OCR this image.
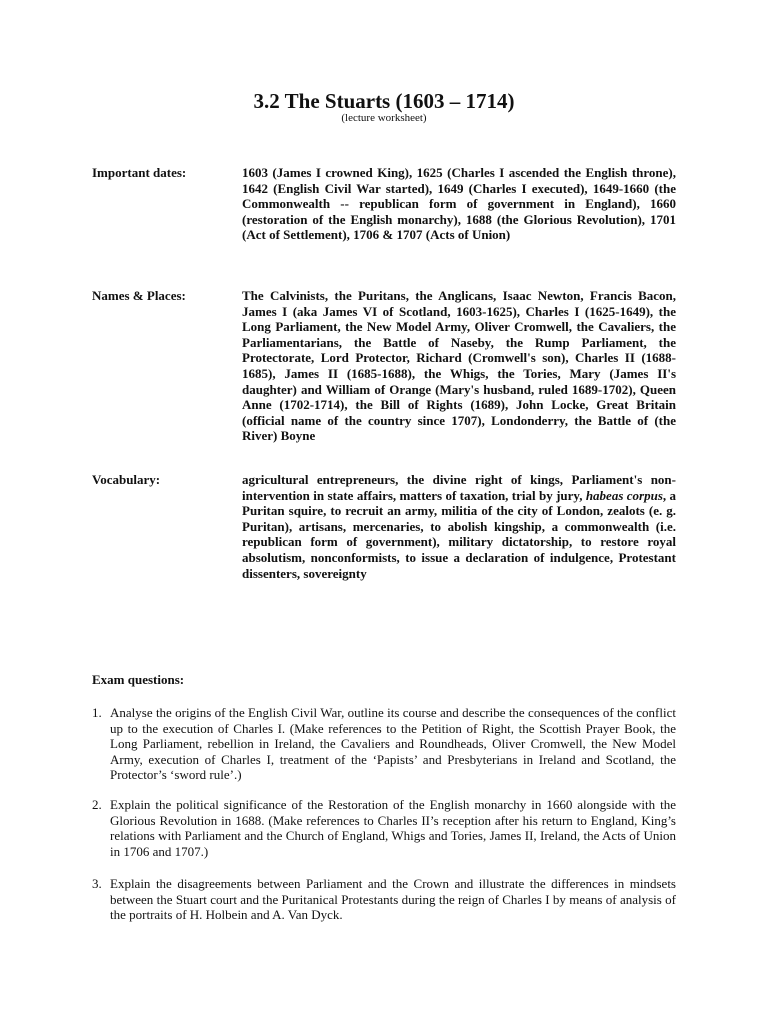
3.2 The Stuarts (1603 – 1714)
(lecture worksheet)
Important dates:	1603 (James I crowned King), 1625 (Charles I ascended the English throne), 1642 (English Civil War started), 1649 (Charles I executed), 1649-1660 (the Commonwealth -- republican form of government in England), 1660 (restoration of the English monarchy), 1688 (the Glorious Revolution), 1701 (Act of Settlement), 1706 & 1707 (Acts of Union)
Names & Places:	The Calvinists, the Puritans, the Anglicans, Isaac Newton, Francis Bacon, James I (aka James VI of Scotland, 1603-1625), Charles I (1625-1649), the Long Parliament, the New Model Army, Oliver Cromwell, the Cavaliers, the Parliamentarians, the Battle of Naseby, the Rump Parliament, the Protectorate, Lord Protector, Richard (Cromwell's son), Charles II (1688-1685), James II (1685-1688), the Whigs, the Tories, Mary (James II's daughter) and William of Orange (Mary's husband, ruled 1689-1702), Queen Anne (1702-1714), the Bill of Rights (1689), John Locke, Great Britain (official name of the country since 1707), Londonderry, the Battle of (the River) Boyne
Vocabulary:	agricultural entrepreneurs, the divine right of kings, Parliament's non-intervention in state affairs, matters of taxation, trial by jury, habeas corpus, a Puritan squire, to recruit an army, militia of the city of London, zealots (e. g. Puritan), artisans, mercenaries, to abolish kingship, a commonwealth (i.e. republican form of government), military dictatorship, to restore royal absolutism, nonconformists, to issue a declaration of indulgence, Protestant dissenters, sovereignty
Exam questions:
1. Analyse the origins of the English Civil War, outline its course and describe the consequences of the conflict up to the execution of Charles I. (Make references to the Petition of Right, the Scottish Prayer Book, the Long Parliament, rebellion in Ireland, the Cavaliers and Roundheads, Oliver Cromwell, the New Model Army, execution of Charles I, treatment of the ‘Papists’ and Presbyterians in Ireland and Scotland, the Protector’s ‘sword rule’.)
2. Explain the political significance of the Restoration of the English monarchy in 1660 alongside with the Glorious Revolution in 1688. (Make references to Charles II’s reception after his return to England, King’s relations with Parliament and the Church of England, Whigs and Tories, James II, Ireland, the Acts of Union in 1706 and 1707.)
3. Explain the disagreements between Parliament and the Crown and illustrate the differences in mindsets between the Stuart court and the Puritanical Protestants during the reign of Charles I by means of analysis of the portraits of H. Holbein and A. Van Dyck.
